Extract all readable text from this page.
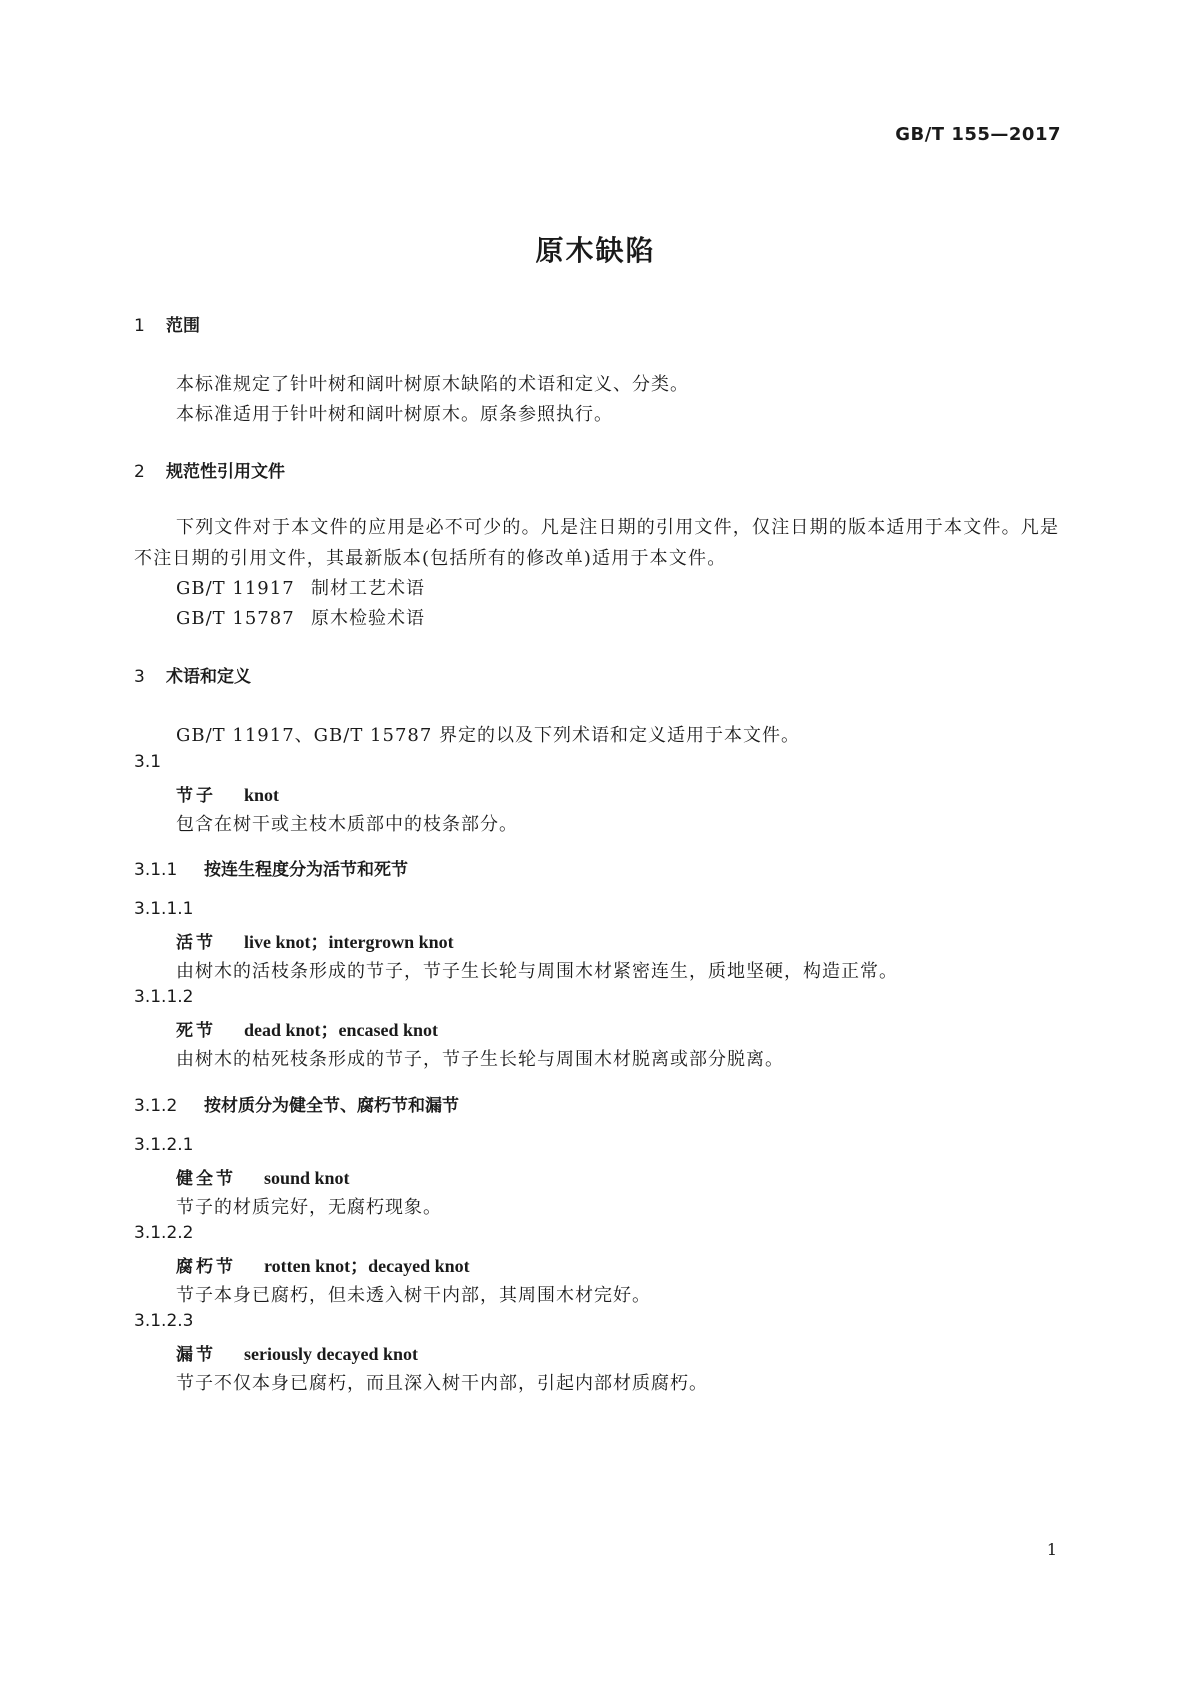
GB/T 155—2017
原木缺陷
1 范围
本标准规定了针叶树和阔叶树原木缺陷的术语和定义、分类。
本标准适用于针叶树和阔叶树原木。原条参照执行。
2 规范性引用文件
下列文件对于本文件的应用是必不可少的。凡是注日期的引用文件，仅注日期的版本适用于本文件。凡是不注日期的引用文件，其最新版本(包括所有的修改单)适用于本文件。
GB/T 11917 制材工艺术语
GB/T 15787 原木检验术语
3 术语和定义
GB/T 11917、GB/T 15787 界定的以及下列术语和定义适用于本文件。
3.1
节子 knot
包含在树干或主枝木质部中的枝条部分。
3.1.1 按连生程度分为活节和死节
3.1.1.1
活节 live knot；intergrown knot
由树木的活枝条形成的节子，节子生长轮与周围木材紧密连生，质地坚硬，构造正常。
3.1.1.2
死节 dead knot；encased knot
由树木的枯死枝条形成的节子，节子生长轮与周围木材脱离或部分脱离。
3.1.2 按材质分为健全节、腐朽节和漏节
3.1.2.1
健全节 sound knot
节子的材质完好，无腐朽现象。
3.1.2.2
腐朽节 rotten knot；decayed knot
节子本身已腐朽，但未透入树干内部，其周围木材完好。
3.1.2.3
漏节 seriously decayed knot
节子不仅本身已腐朽，而且深入树干内部，引起内部材质腐朽。
1
